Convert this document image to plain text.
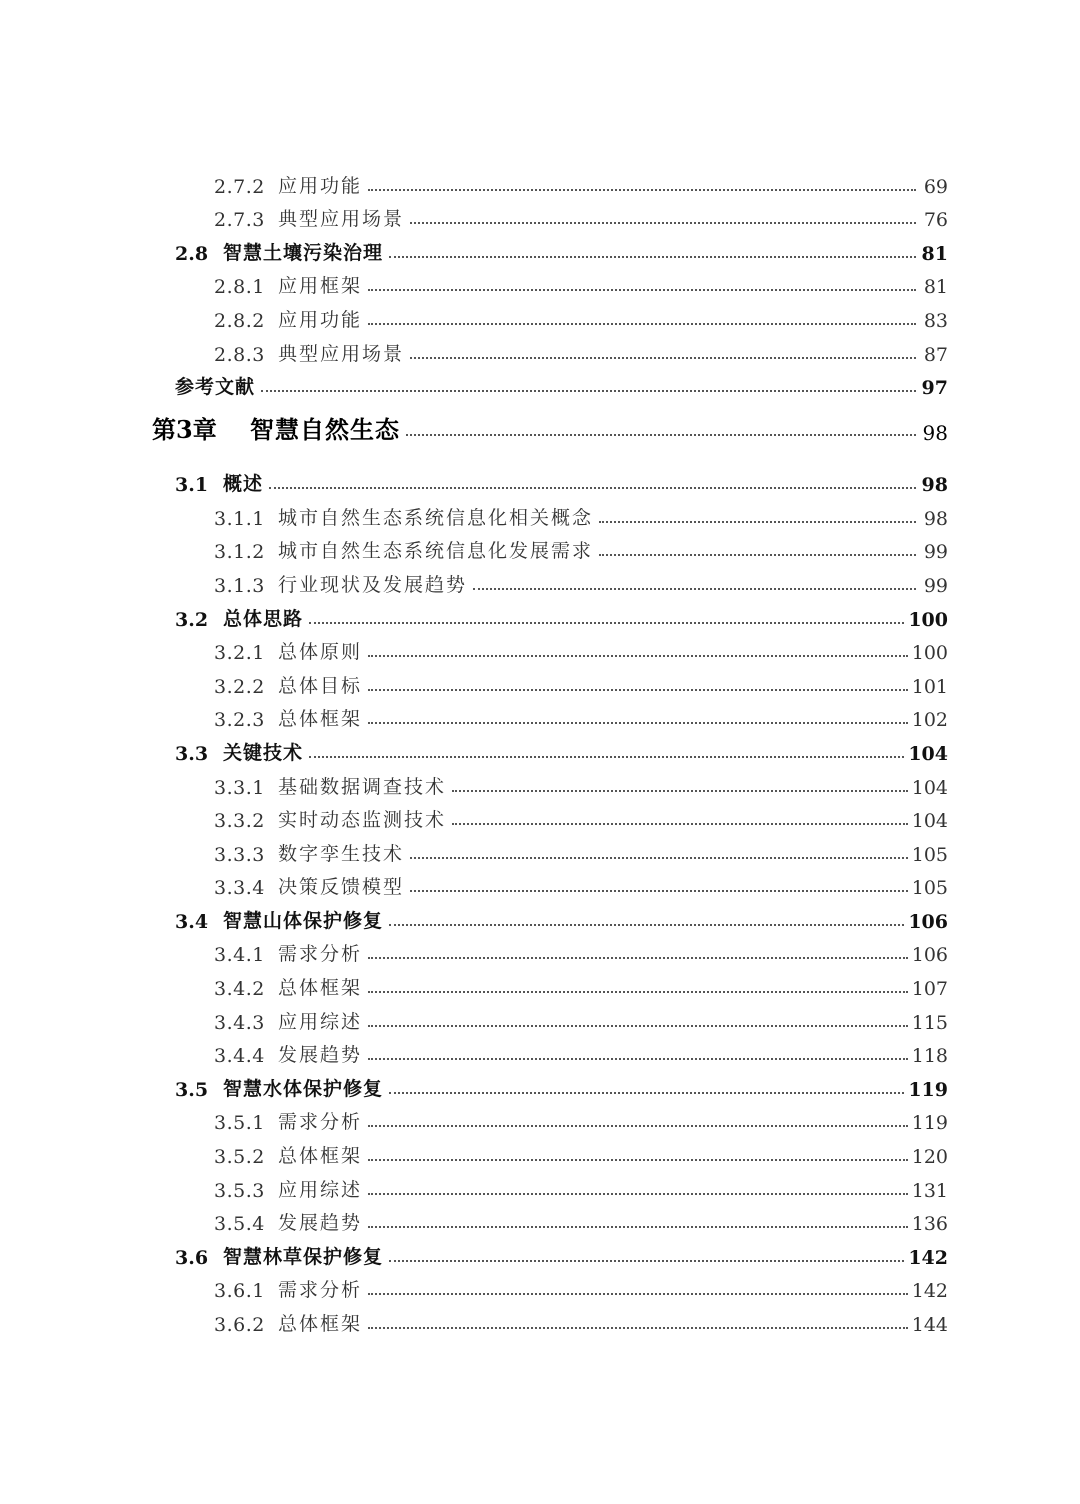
2.7.2 应用功能	69
2.7.3 典型应用场景	76
2.8 智慧土壤污染治理	81
2.8.1 应用框架	81
2.8.2 应用功能	83
2.8.3 典型应用场景	87
参考文献	97
第3章	智慧自然生态	98
3.1 概述	98
3.1.1 城市自然生态系统信息化相关概念	98
3.1.2 城市自然生态系统信息化发展需求	99
3.1.3 行业现状及发展趋势	99
3.2 总体思路	100
3.2.1 总体原则	100
3.2.2 总体目标	101
3.2.3 总体框架	102
3.3 关键技术	104
3.3.1 基础数据调查技术	104
3.3.2 实时动态监测技术	104
3.3.3 数字孪生技术	105
3.3.4 决策反馈模型	105
3.4 智慧山体保护修复	106
3.4.1 需求分析	106
3.4.2 总体框架	107
3.4.3 应用综述	115
3.4.4 发展趋势	118
3.5 智慧水体保护修复	119
3.5.1 需求分析	119
3.5.2 总体框架	120
3.5.3 应用综述	131
3.5.4 发展趋势	136
3.6 智慧林草保护修复	142
3.6.1 需求分析	142
3.6.2 总体框架	144
